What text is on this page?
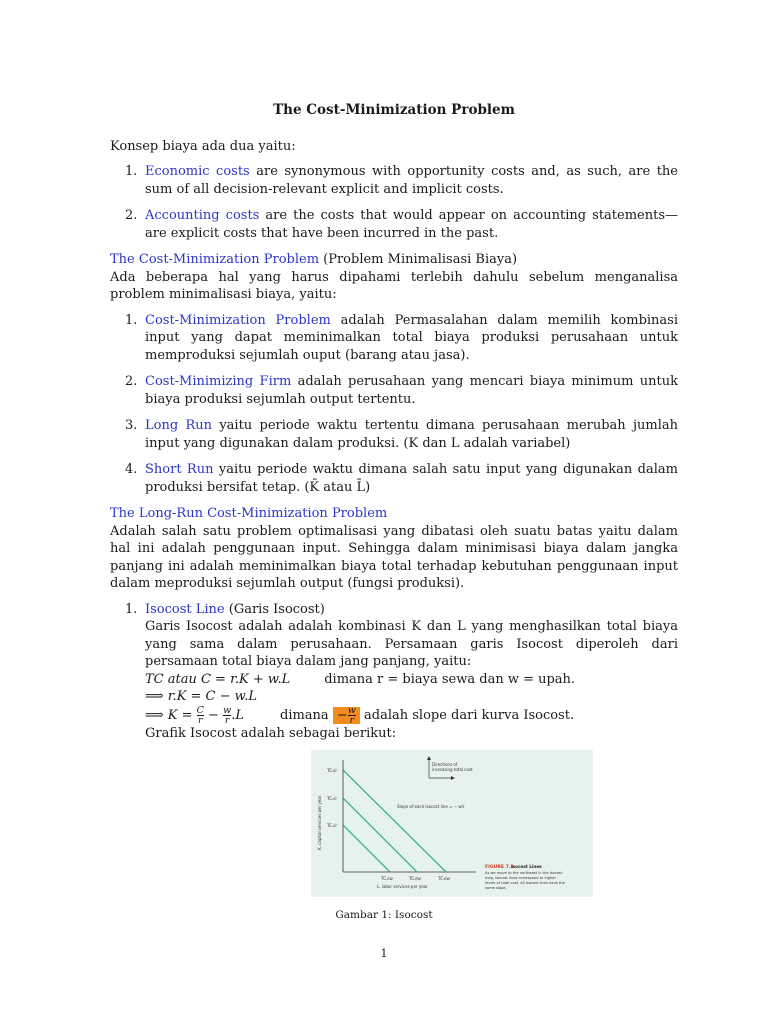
The Cost-Minimization Problem

Konsep biaya ada dua yaitu:

1. Economic costs are synonymous with opportunity costs and, as such, are the sum of all decision-relevant explicit and implicit costs.
2. Accounting costs are the costs that would appear on accounting statements—are explicit costs that have been incurred in the past.

The Cost-Minimization Problem (Problem Minimalisasi Biaya)

Ada beberapa hal yang harus dipahami terlebih dahulu sebelum menganalisa problem minimalisasi biaya, yaitu:

1. Cost-Minimization Problem adalah Permasalahan dalam memilih kombinasi input yang dapat meminimalkan total biaya produksi perusahaan untuk memproduksi sejumlah ouput (barang atau jasa).
2. Cost-Minimizing Firm adalah perusahaan yang mencari biaya minimum untuk biaya produksi sejumlah output tertentu.
3. Long Run yaitu periode waktu tertentu dimana perusahaan merubah jumlah input yang digunakan dalam produksi. (K dan L adalah variabel)
4. Short Run yaitu periode waktu dimana salah satu input yang digunakan dalam produksi bersifat tetap. (K̄ atau L̄)

The Long-Run Cost-Minimization Problem

Adalah salah satu problem optimalisasi yang dibatasi oleh suatu batas yaitu dalam hal ini adalah penggunaan input. Sehingga dalam minimisasi biaya dalam jangka panjang ini adalah meminimalkan biaya total terhadap kebutuhan penggunaan input dalam meproduksi sejumlah output (fungsi produksi).

1. Isocost Line (Garis Isocost)
Garis Isocost adalah adalah kombinasi K dan L yang menghasilkan total biaya yang sama dalam perusahaan. Persamaan garis Isocost diperoleh dari persamaan total biaya dalam jang panjang, yaitu:
TC atau C = r.K + w.L	dimana r = biaya sewa dan w = upah.
⟹ r.K = C − w.L
⟹ $K = \frac{C}{r} - \frac{w}{r} .L$	dimana − $\frac{w}{r}$ adalah slope dari kurva Isocost.
Grafik Isocost adalah sebagai berikut:
TC₃/r
TC₂/r
TC₁/r
TC₁/w	TC₂/w	TC₃/w
K, capital services per year
L, labor services per year
Directions of
increasing total cost
Slope of each isocost line = − w/r
FIGURE 7.1
Isocost Lines
As we move to the northeast in the isocost
map, isocost lines correspond to higher
levels of total cost. All isocost lines have the
same slope.
Gambar 1: Isocost
1
